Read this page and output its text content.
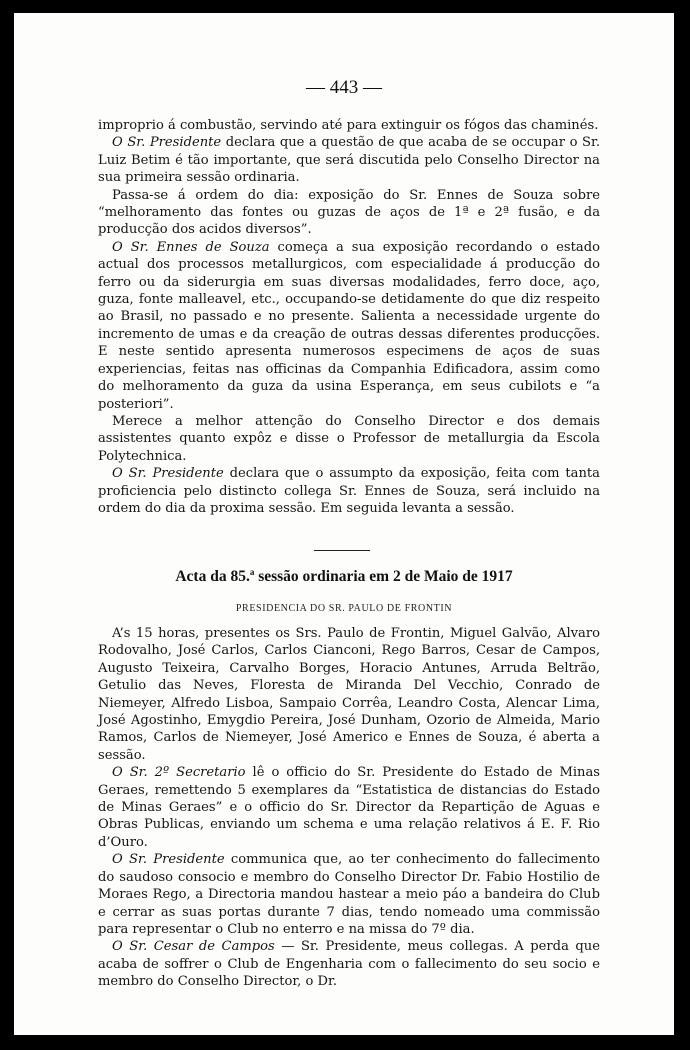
— 443 —

improprio á combustão, servindo até para extinguir os fógos das chaminés.

O Sr. Presidente declara que a questão de que acaba de se occupar o Sr. Luiz Betim é tão importante, que será discutida pelo Conselho Director na sua primeira sessão ordinaria.

Passa-se á ordem do dia: exposição do Sr. Ennes de Souza sobre “melhoramento das fontes ou guzas de aços de 1ª e 2ª fusão, e da producção dos acidos diversos”.

O Sr. Ennes de Souza começa a sua exposição recordando o estado actual dos processos metallurgicos, com especialidade á producção do ferro ou da siderurgia em suas diversas modalidades, ferro doce, aço, guza, fonte malleavel, etc., occupando-se detidamente do que diz respeito ao Brasil, no passado e no presente. Salienta a necessidade urgente do incremento de umas e da creação de outras dessas diferentes producções. E neste sentido apresenta numerosos especimens de aços de suas experiencias, feitas nas officinas da Companhia Edificadora, assim como do melhoramento da guza da usina Esperança, em seus cubilots e “a posteriori”.

Merece a melhor attenção do Conselho Director e dos demais assistentes quanto expôz e disse o Professor de metallurgia da Escola Polytechnica.

O Sr. Presidente declara que o assumpto da exposição, feita com tanta proficiencia pelo distincto collega Sr. Ennes de Souza, será incluido na ordem do dia da proxima sessão. Em seguida levanta a sessão.

Acta da 85.$^a$ sessão ordinaria em 2 de Maio de 1917
PRESIDENCIA DO SR. PAULO DE FRONTIN

A’s 15 horas, presentes os Srs. Paulo de Frontin, Miguel Galvão, Alvaro Rodovalho, José Carlos, Carlos Cianconi, Rego Barros, Cesar de Campos, Augusto Teixeira, Carvalho Borges, Horacio Antunes, Arruda Beltrão, Getulio das Neves, Floresta de Miranda Del Vecchio, Conrado de Niemeyer, Alfredo Lisboa, Sampaio Corrêa, Leandro Costa, Alencar Lima, José Agostinho, Emygdio Pereira, José Dunham, Ozorio de Almeida, Mario Ramos, Carlos de Niemeyer, José Americo e Ennes de Souza, é aberta a sessão.

O Sr. 2º Secretario lê o officio do Sr. Presidente do Estado de Minas Geraes, remettendo 5 exemplares da “Estatistica de distancias do Estado de Minas Geraes” e o officio do Sr. Director da Repartição de Aguas e Obras Publicas, enviando um schema e uma relação relativos á E. F. Rio d’Ouro.

O Sr. Presidente communica que, ao ter conhecimento do fallecimento do saudoso consocio e membro do Conselho Director Dr. Fabio Hostilio de Moraes Rego, a Directoria mandou hastear a meio páo a bandeira do Club e cerrar as suas portas durante 7 dias, tendo nomeado uma commissão para representar o Club no enterro e na missa do 7º dia.

O Sr. Cesar de Campos — Sr. Presidente, meus collegas. A perda que acaba de soffrer o Club de Engenharia com o fallecimento do seu socio e membro do Conselho Director, o Dr.
